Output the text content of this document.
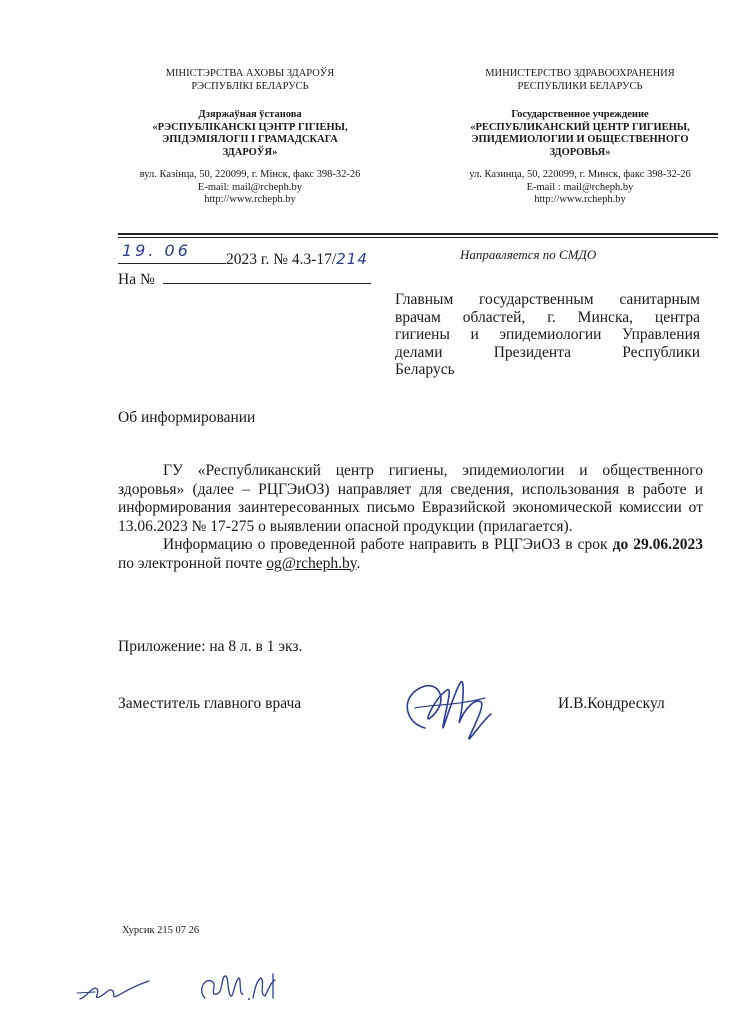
МІНІСТЭРСТВА АХОВЫ ЗДАРОЎЯ
РЭСПУБЛІКІ БЕЛАРУСЬ
Дзяржаўная ўстанова
«РЭСПУБЛІКАНСКІ ЦЭНТР ГІГІЕНЫ,
ЭПІДЭМІЯЛОГІІ І ГРАМАДСКАГА
ЗДАРОЎЯ»
вул. Казінца, 50, 220099, г. Мінск, факс 398-32-26
E-mail: mail@rcheph.by
http://www.rcheph.by
МИНИСТЕРСТВО ЗДРАВООХРАНЕНИЯ
РЕСПУБЛИКИ БЕЛАРУСЬ
Государственное учреждение
«РЕСПУБЛИКАНСКИЙ ЦЕНТР ГИГИЕНЫ,
ЭПИДЕМИОЛОГИИ И ОБЩЕСТВЕННОГО
ЗДОРОВЬЯ»
ул. Казинца, 50, 220099, г. Минск, факс 398-32-26
E-mail : mail@rcheph.by
http://www.rcheph.by
19. 06 2023 г. № 4.3-17/214	Направляется по СМДО
На №
Главным государственным санитарным
врачам областей, г. Минска, центра
гигиены и эпидемиологии Управления
делами Президента Республики
Беларусь
Об информировании

ГУ «Республиканский центр гигиены, эпидемиологии и общественного здоровья» (далее – РЦГЭиОЗ) направляет для сведения, использования в работе и информирования заинтересованных письмо Евразийской экономической комиссии от 13.06.2023 № 17-275 о выявлении опасной продукции (прилагается).

Информацию о проведенной работе направить в РЦГЭиОЗ в срок до 29.06.2023 по электронной почте og@rcheph.by.

Приложение: на 8 л. в 1 экз.
Заместитель главного врача	И.В.Кондрескул
Хурсик 215 07 26
